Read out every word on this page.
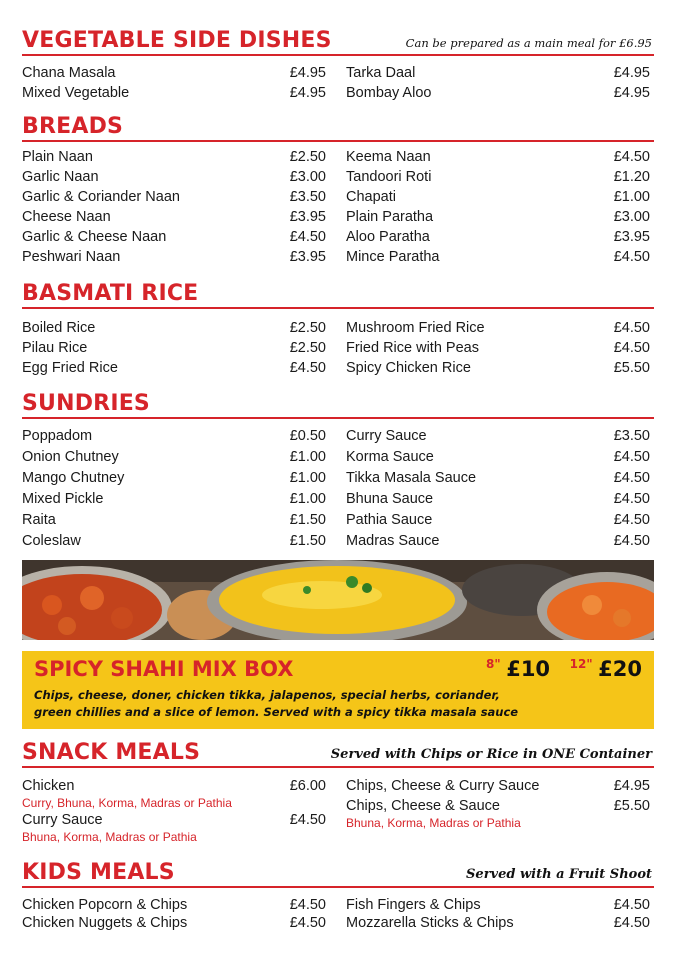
VEGETABLE SIDE DISHES	Can be prepared as a main meal for £6.95
Chana Masala	£4.95
Mixed Vegetable	£4.95
Tarka Daal	£4.95
Bombay Aloo	£4.95
BREADS
Plain Naan	£2.50
Garlic Naan	£3.00
Garlic & Coriander Naan	£3.50
Cheese Naan	£3.95
Garlic & Cheese Naan	£4.50
Peshwari Naan	£3.95
Keema Naan	£4.50
Tandoori Roti	£1.20
Chapati	£1.00
Plain Paratha	£3.00
Aloo Paratha	£3.95
Mince Paratha	£4.50
BASMATI RICE
Boiled Rice	£2.50
Pilau Rice	£2.50
Egg Fried Rice	£4.50
Mushroom Fried Rice	£4.50
Fried Rice with Peas	£4.50
Spicy Chicken Rice	£5.50
SUNDRIES
Poppadom	£0.50
Onion Chutney	£1.00
Mango Chutney	£1.00
Mixed Pickle	£1.00
Raita	£1.50
Coleslaw	£1.50
Curry Sauce	£3.50
Korma Sauce	£4.50
Tikka Masala Sauce	£4.50
Bhuna Sauce	£4.50
Pathia Sauce	£4.50
Madras Sauce	£4.50
SPICY SHAHI MIX BOX	$^{8"}$ £10 $^{12"}$ £20
Chips, cheese, doner, chicken tikka, jalapenos, special herbs, coriander,
green chillies and a slice of lemon. Served with a spicy tikka masala sauce
SNACK MEALS	Served with Chips or Rice in ONE Container
Chicken	£6.00
Curry, Bhuna, Korma, Madras or Pathia
Curry Sauce	£4.50
Bhuna, Korma, Madras or Pathia
Chips, Cheese & Curry Sauce	£4.95
Chips, Cheese & Sauce	£5.50
Bhuna, Korma, Madras or Pathia
KIDS MEALS	Served with a Fruit Shoot
Chicken Popcorn & Chips	£4.50
Chicken Nuggets & Chips	£4.50
Fish Fingers & Chips	£4.50
Mozzarella Sticks & Chips	£4.50
